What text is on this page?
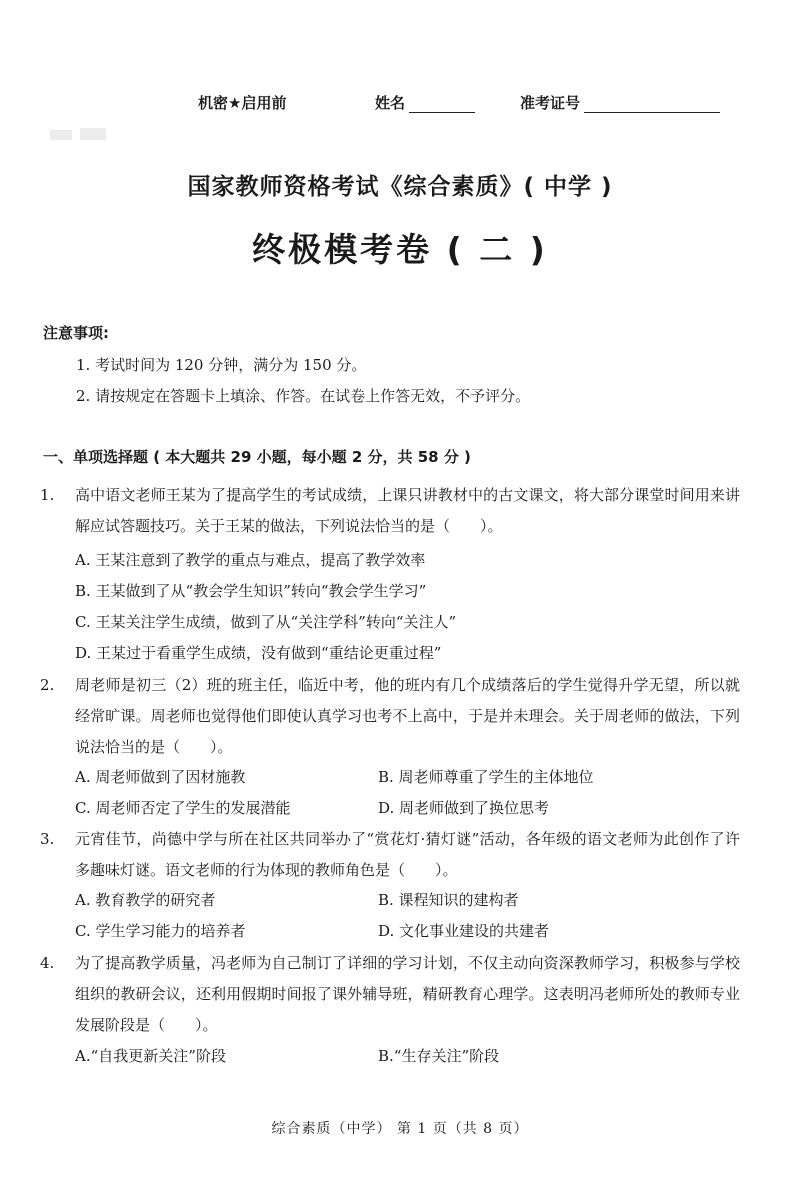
机密★启用前	姓名	准考证号
国家教师资格考试《综合素质》( 中学 )
终极模考卷 ( 二 )
注意事项:
1. 考试时间为 120 分钟，满分为 150 分。
2. 请按规定在答题卡上填涂、作答。在试卷上作答无效，不予评分。
一、单项选择题 ( 本大题共 29 小题，每小题 2 分，共 58 分 )
1. 高中语文老师王某为了提高学生的考试成绩，上课只讲教材中的古文课文，将大部分课堂时间用来讲解应试答题技巧。关于王某的做法，下列说法恰当的是（　　）。
A. 王某注意到了教学的重点与难点，提高了教学效率
B. 王某做到了从“教会学生知识”转向“教会学生学习”
C. 王某关注学生成绩，做到了从“关注学科”转向“关注人”
D. 王某过于看重学生成绩，没有做到“重结论更重过程”
2. 周老师是初三（2）班的班主任，临近中考，他的班内有几个成绩落后的学生觉得升学无望，所以就经常旷课。周老师也觉得他们即使认真学习也考不上高中，于是并未理会。关于周老师的做法，下列说法恰当的是（　　）。
A. 周老师做到了因材施教	B. 周老师尊重了学生的主体地位
C. 周老师否定了学生的发展潜能	D. 周老师做到了换位思考
3. 元宵佳节，尚德中学与所在社区共同举办了“赏花灯·猜灯谜”活动，各年级的语文老师为此创作了许多趣味灯谜。语文老师的行为体现的教师角色是（　　）。
A. 教育教学的研究者	B. 课程知识的建构者
C. 学生学习能力的培养者	D. 文化事业建设的共建者
4. 为了提高教学质量，冯老师为自己制订了详细的学习计划，不仅主动向资深教师学习，积极参与学校组织的教研会议，还利用假期时间报了课外辅导班，精研教育心理学。这表明冯老师所处的教师专业发展阶段是（　　）。
A.“自我更新关注”阶段	B.“生存关注”阶段
综合素质（中学） 第 1 页（共 8 页）
